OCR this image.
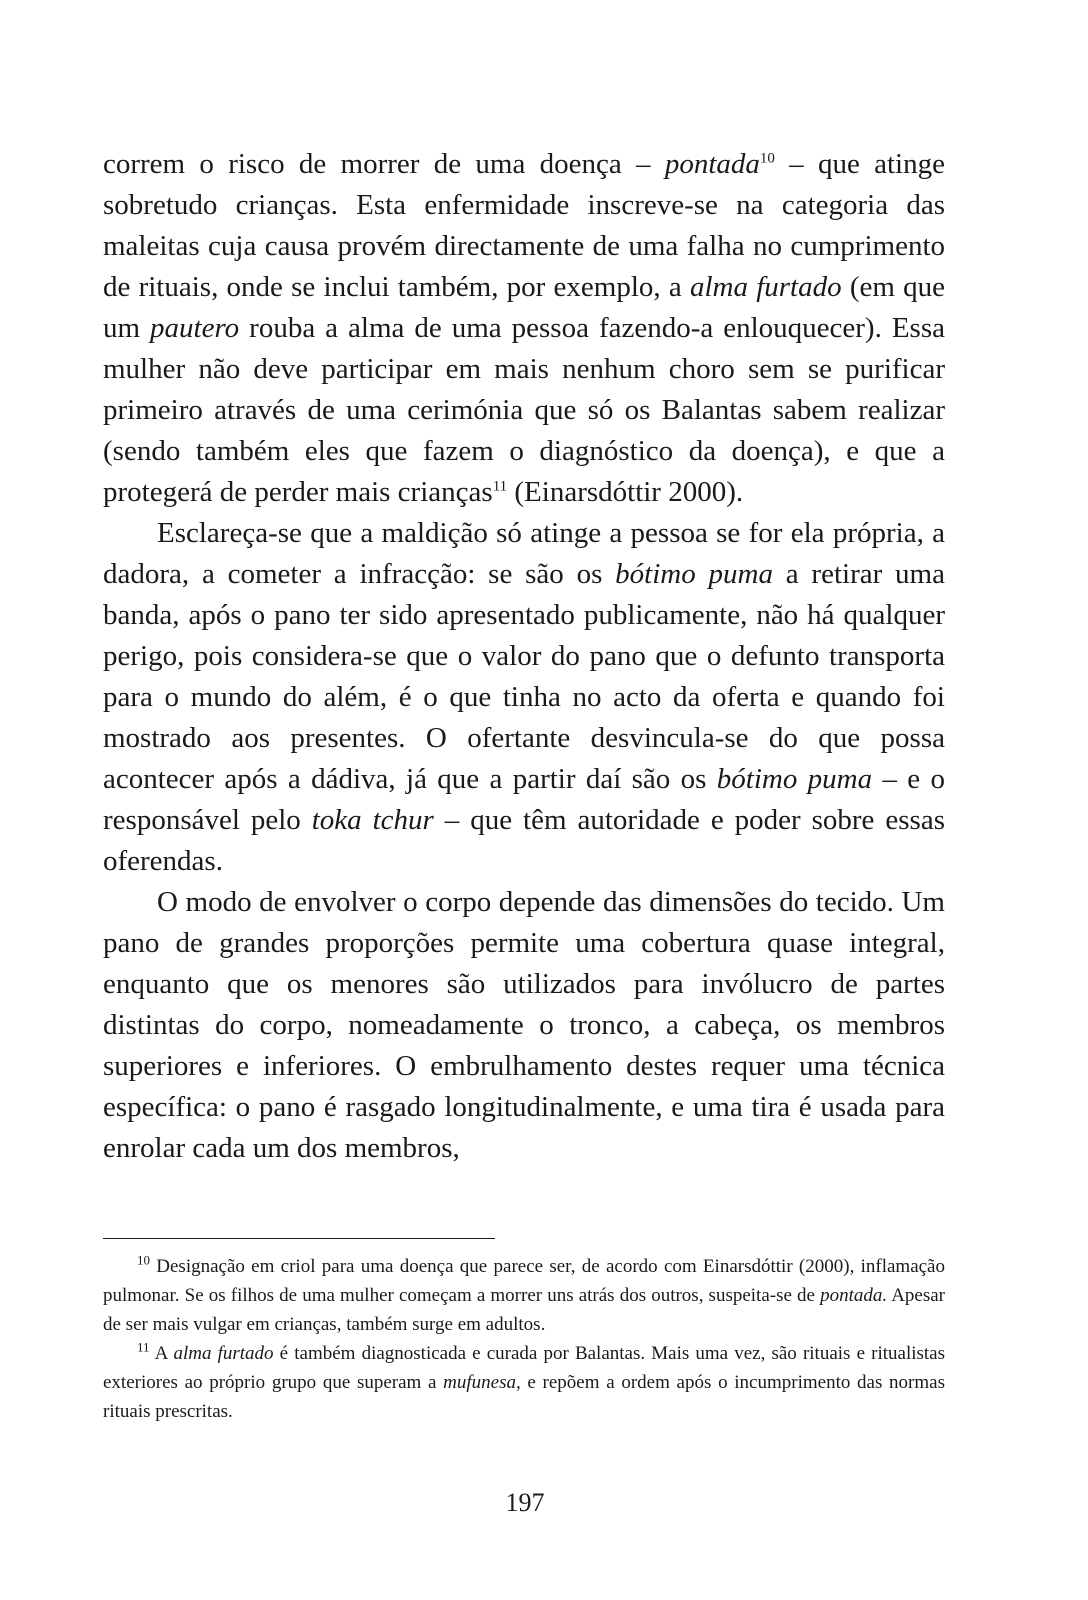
correm o risco de morrer de uma doença – pontada$^{10}$ – que atinge sobretudo crianças. Esta enfermidade inscreve-se na categoria das maleitas cuja causa provém directamente de uma falha no cumprimento de rituais, onde se inclui também, por exemplo, a alma furtado (em que um pautero rouba a alma de uma pessoa fazendo-a enlouquecer). Essa mulher não deve participar em mais nenhum choro sem se purificar primeiro através de uma cerimónia que só os Balantas sabem realizar (sendo também eles que fazem o diagnóstico da doença), e que a protegerá de perder mais crianças$^{11}$ (Einarsdóttir 2000).

Esclareça-se que a maldição só atinge a pessoa se for ela própria, a dadora, a cometer a infracção: se são os bótimo puma a retirar uma banda, após o pano ter sido apresentado publicamente, não há qualquer perigo, pois considera-se que o valor do pano que o defunto transporta para o mundo do além, é o que tinha no acto da oferta e quando foi mostrado aos presentes. O ofertante desvincula-se do que possa acontecer após a dádiva, já que a partir daí são os bótimo puma – e o responsável pelo toka tchur – que têm autoridade e poder sobre essas oferendas.

O modo de envolver o corpo depende das dimensões do tecido. Um pano de grandes proporções permite uma cobertura quase integral, enquanto que os menores são utilizados para invólucro de partes distintas do corpo, nomeadamente o tronco, a cabeça, os membros superiores e inferiores. O embrulhamento destes requer uma técnica específica: o pano é rasgado longitudinalmente, e uma tira é usada para enrolar cada um dos membros,

$^{10}$ Designação em criol para uma doença que parece ser, de acordo com Einarsdóttir (2000), inflamação pulmonar. Se os filhos de uma mulher começam a morrer uns atrás dos outros, suspeita-se de pontada. Apesar de ser mais vulgar em crianças, também surge em adultos.

$^{11}$ A alma furtado é também diagnosticada e curada por Balantas. Mais uma vez, são rituais e ritualistas exteriores ao próprio grupo que superam a mufunesa, e repõem a ordem após o incumprimento das normas rituais prescritas.

197
